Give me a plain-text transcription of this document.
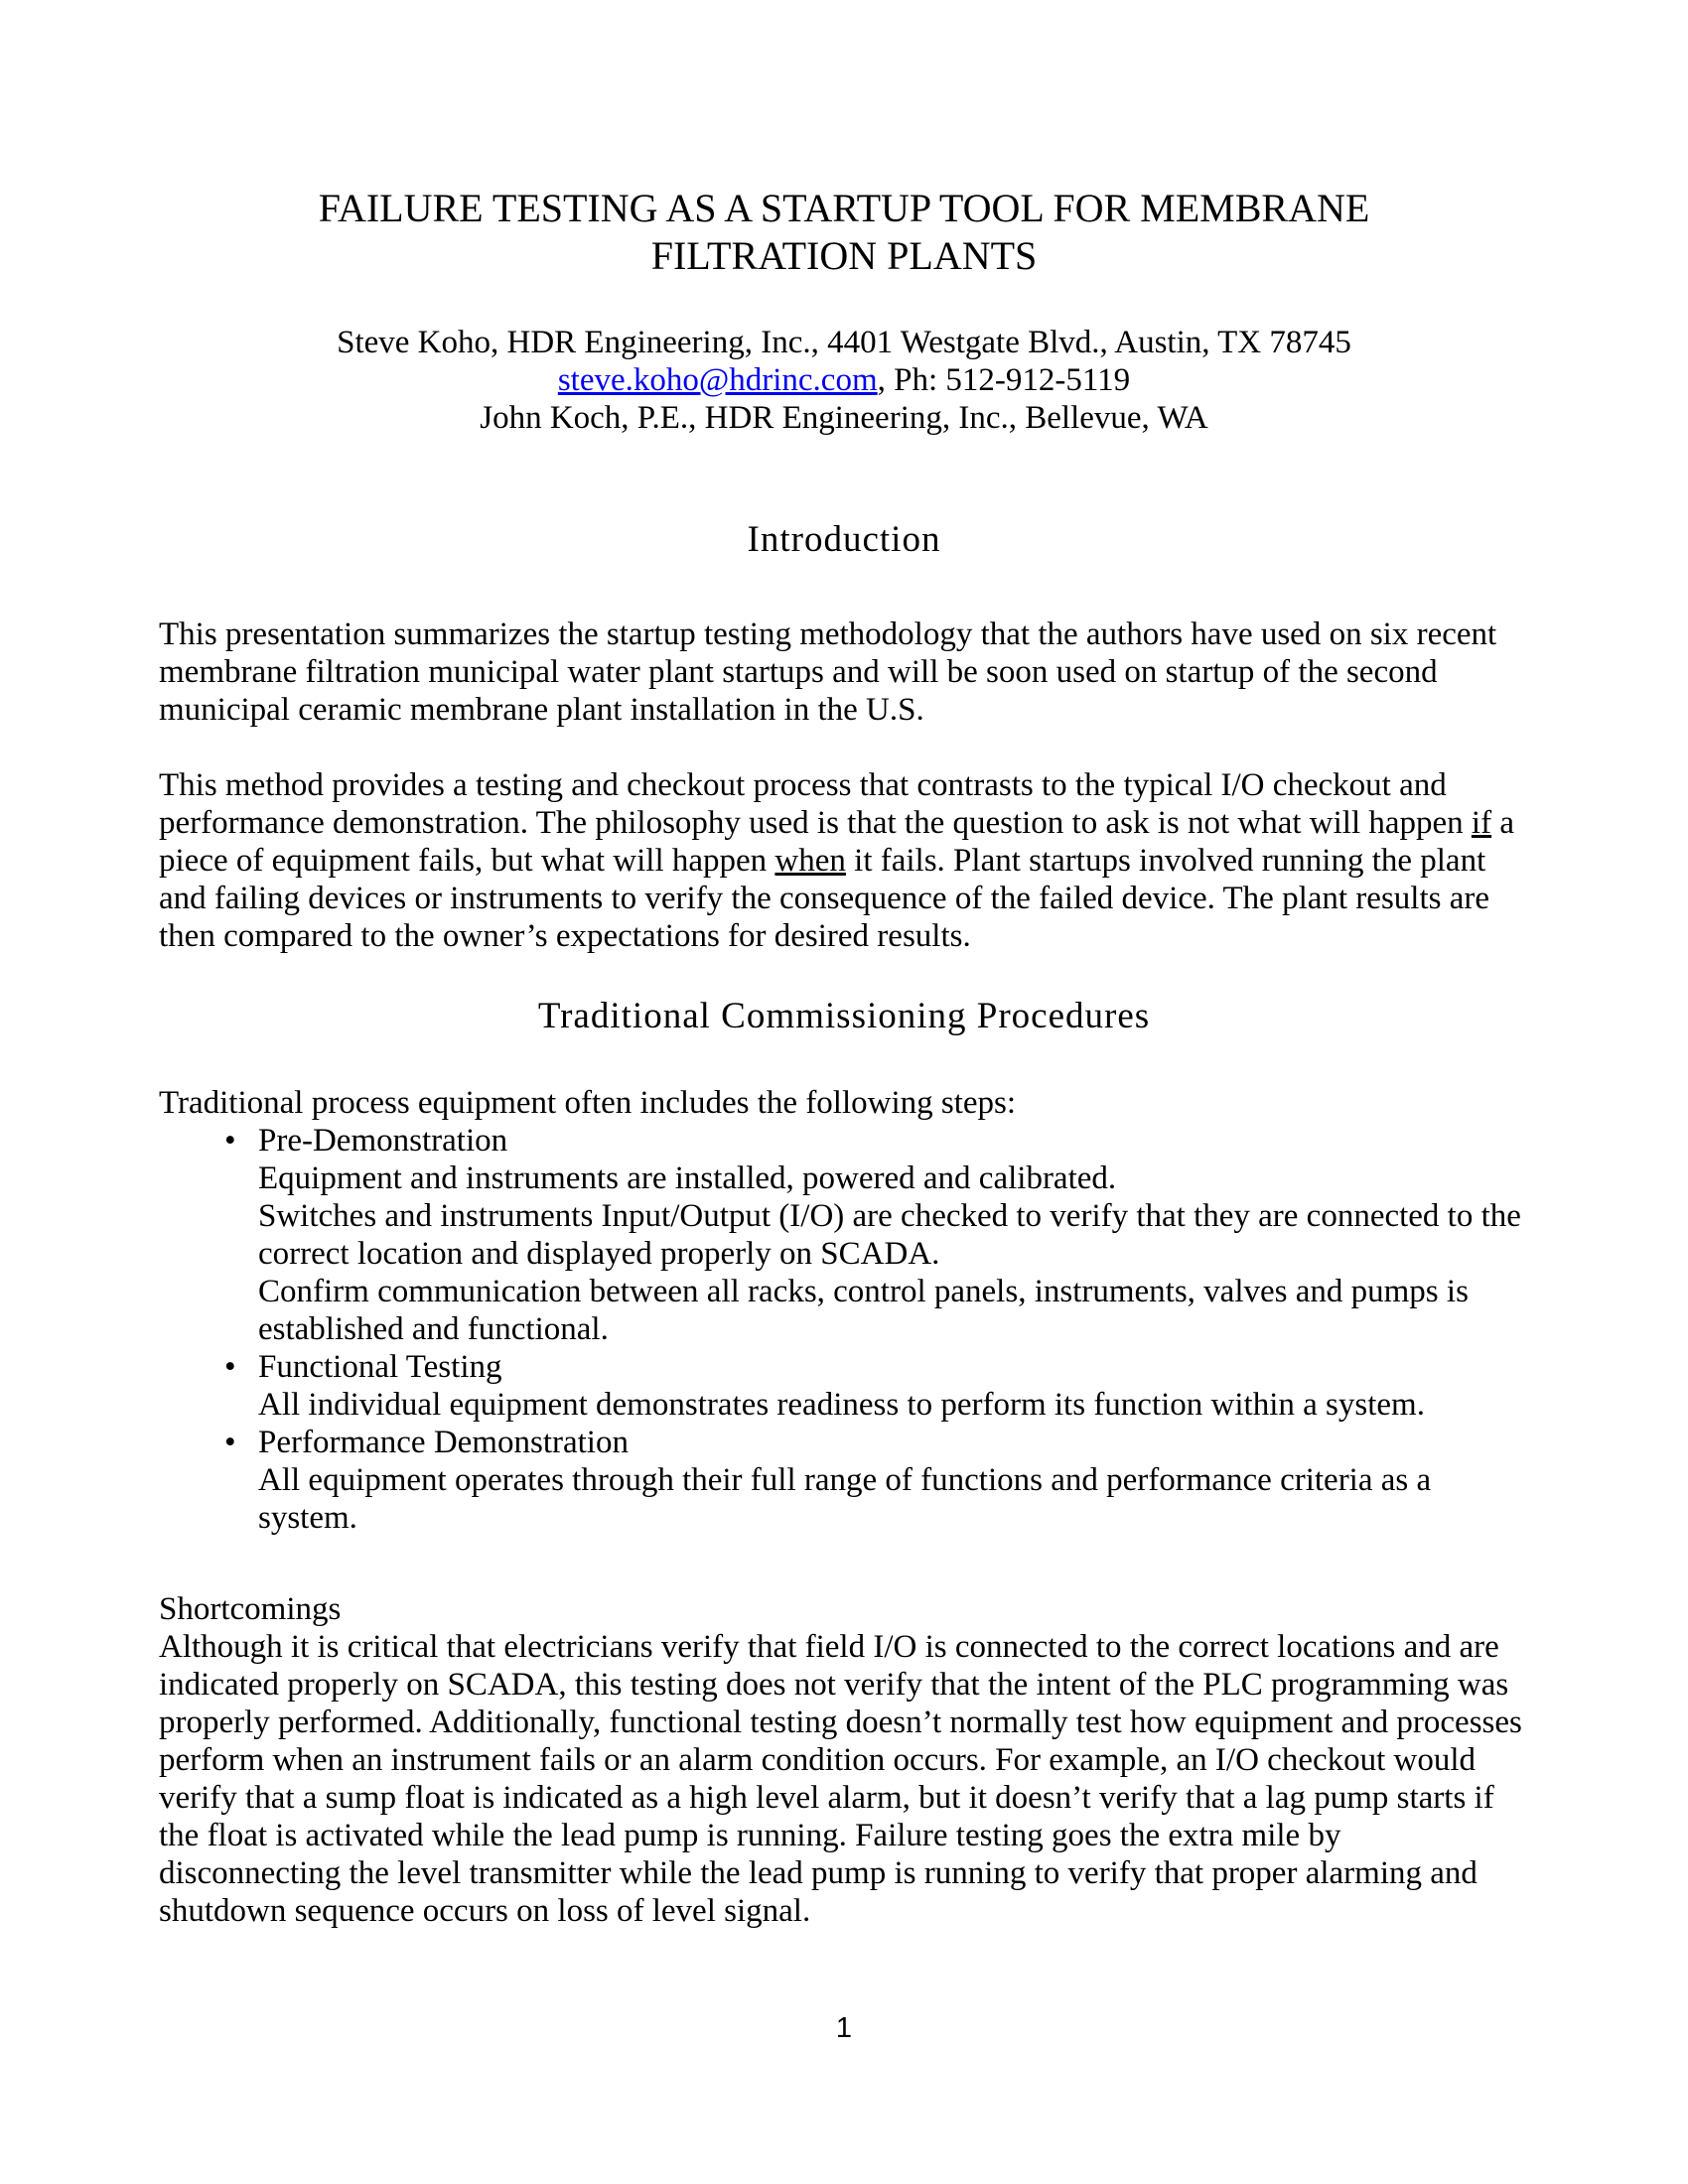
FAILURE TESTING AS A STARTUP TOOL FOR MEMBRANE
FILTRATION PLANTS
Steve Koho, HDR Engineering, Inc., 4401 Westgate Blvd., Austin, TX 78745
steve.koho@hdrinc.com, Ph: 512-912-5119
John Koch, P.E., HDR Engineering, Inc., Bellevue, WA
Introduction
This presentation summarizes the startup testing methodology that the authors have used on six recent membrane filtration municipal water plant startups and will be soon used on startup of the second municipal ceramic membrane plant installation in the U.S.
This method provides a testing and checkout process that contrasts to the typical I/O checkout and performance demonstration. The philosophy used is that the question to ask is not what will happen if a piece of equipment fails, but what will happen when it fails. Plant startups involved running the plant and failing devices or instruments to verify the consequence of the failed device. The plant results are then compared to the owner’s expectations for desired results.
Traditional Commissioning Procedures
Traditional process equipment often includes the following steps:
• Pre-Demonstration
Equipment and instruments are installed, powered and calibrated.
Switches and instruments Input/Output (I/O) are checked to verify that they are connected to the correct location and displayed properly on SCADA.
Confirm communication between all racks, control panels, instruments, valves and pumps is established and functional.
• Functional Testing
All individual equipment demonstrates readiness to perform its function within a system.
• Performance Demonstration
All equipment operates through their full range of functions and performance criteria as a system.
Shortcomings
Although it is critical that electricians verify that field I/O is connected to the correct locations and are indicated properly on SCADA, this testing does not verify that the intent of the PLC programming was properly performed. Additionally, functional testing doesn’t normally test how equipment and processes perform when an instrument fails or an alarm condition occurs. For example, an I/O checkout would verify that a sump float is indicated as a high level alarm, but it doesn’t verify that a lag pump starts if the float is activated while the lead pump is running. Failure testing goes the extra mile by disconnecting the level transmitter while the lead pump is running to verify that proper alarming and shutdown sequence occurs on loss of level signal.
1
